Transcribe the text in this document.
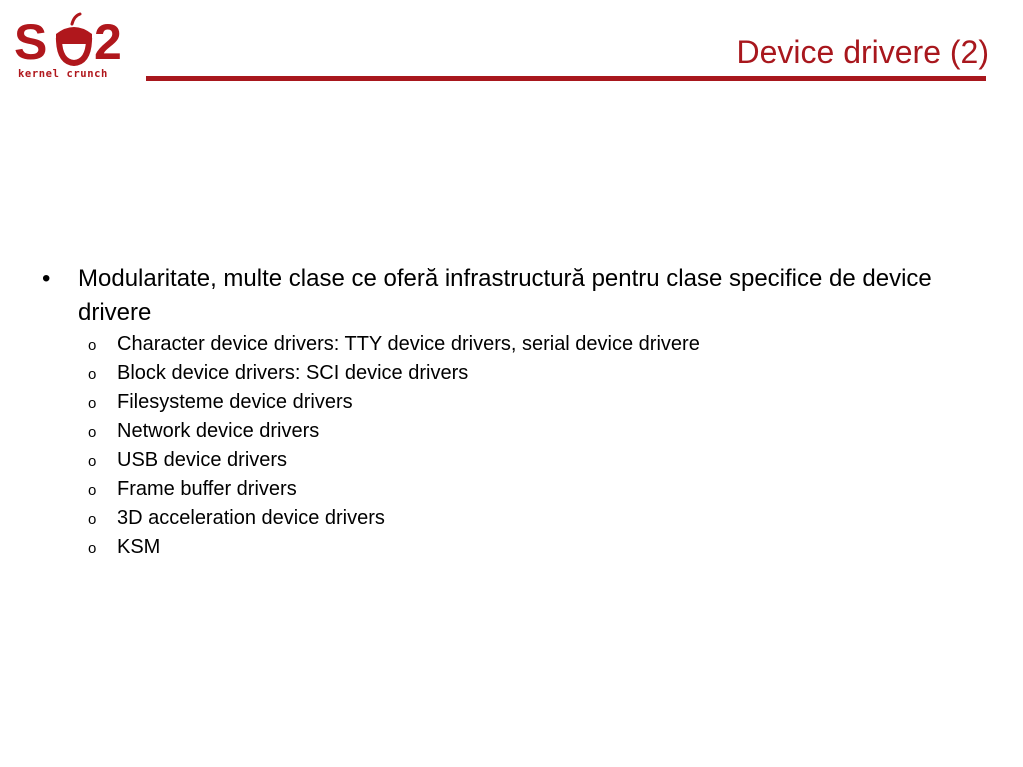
S 2
kernel crunch
Device drivere (2)
• Modularitate, multe clase ce oferă infrastructură pentru clase specifice de device drivere
o Character device drivers: TTY device drivers, serial device drivere
o Block device drivers: SCI device drivers
o Filesysteme device drivers
o Network device drivers
o USB device drivers
o Frame buffer drivers
o 3D acceleration device drivers
o KSM
